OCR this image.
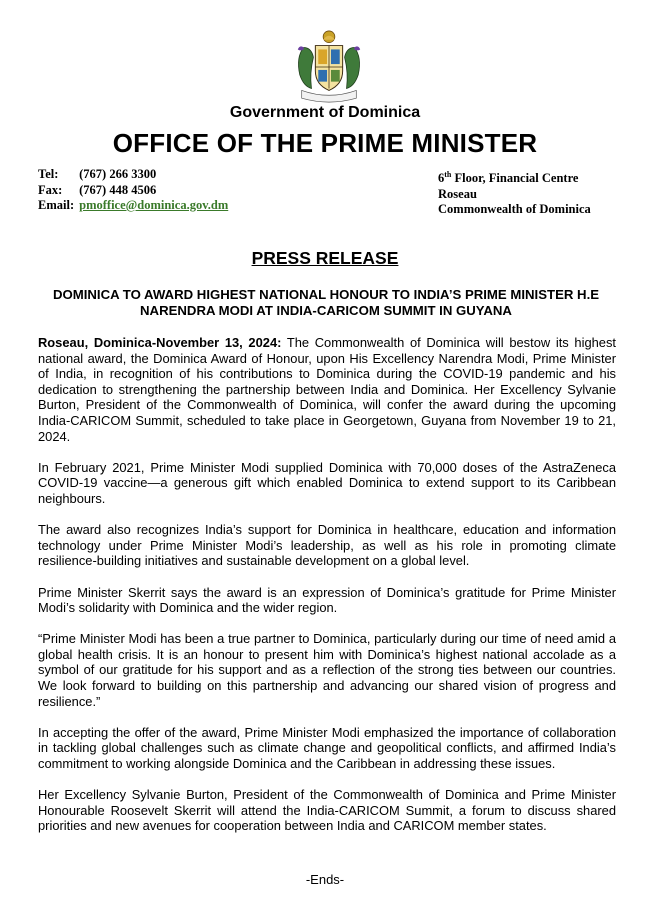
Government of Dominica
OFFICE OF THE PRIME MINISTER
Tel: (767) 266 3300
Fax: (767) 448 4506
Email: pmoffice@dominica.gov.dm
6th Floor, Financial Centre
Roseau
Commonwealth of Dominica
PRESS RELEASE
DOMINICA TO AWARD HIGHEST NATIONAL HONOUR TO INDIA’S PRIME MINISTER H.E NARENDRA MODI AT INDIA-CARICOM SUMMIT IN GUYANA

Roseau, Dominica-November 13, 2024: The Commonwealth of Dominica will bestow its highest national award, the Dominica Award of Honour, upon His Excellency Narendra Modi, Prime Minister of India, in recognition of his contributions to Dominica during the COVID-19 pandemic and his dedication to strengthening the partnership between India and Dominica. Her Excellency Sylvanie Burton, President of the Commonwealth of Dominica, will confer the award during the upcoming India-CARICOM Summit, scheduled to take place in Georgetown, Guyana from November 19 to 21, 2024.

In February 2021, Prime Minister Modi supplied Dominica with 70,000 doses of the AstraZeneca COVID-19 vaccine—a generous gift which enabled Dominica to extend support to its Caribbean neighbours.

The award also recognizes India’s support for Dominica in healthcare, education and information technology under Prime Minister Modi’s leadership, as well as his role in promoting climate resilience-building initiatives and sustainable development on a global level.

Prime Minister Skerrit says the award is an expression of Dominica’s gratitude for Prime Minister Modi’s solidarity with Dominica and the wider region.

“Prime Minister Modi has been a true partner to Dominica, particularly during our time of need amid a global health crisis. It is an honour to present him with Dominica’s highest national accolade as a symbol of our gratitude for his support and as a reflection of the strong ties between our countries. We look forward to building on this partnership and advancing our shared vision of progress and resilience.”

In accepting the offer of the award, Prime Minister Modi emphasized the importance of collaboration in tackling global challenges such as climate change and geopolitical conflicts, and affirmed India’s commitment to working alongside Dominica and the Caribbean in addressing these issues.

Her Excellency Sylvanie Burton, President of the Commonwealth of Dominica and Prime Minister Honourable Roosevelt Skerrit will attend the India-CARICOM Summit, a forum to discuss shared priorities and new avenues for cooperation between India and CARICOM member states.

-Ends-
